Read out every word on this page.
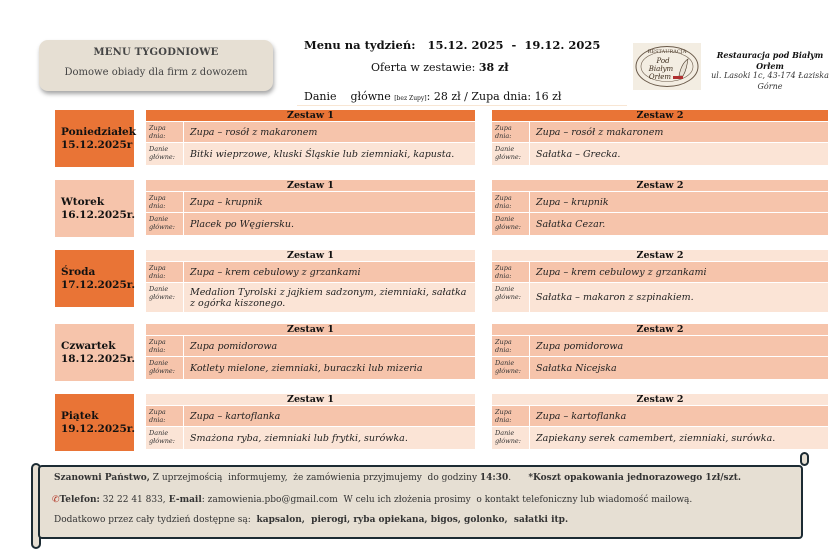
MENU TYGODNIOWE
Domowe obiady dla firm z dowozem
Menu na tydzień: 15.12. 2025 - 19.12. 2025
Oferta w zestawie: 38 zł
Danie    główne [bez Zupy]: 28 zł / Zupa dnia: 16 zł
RESTAURACJA
Pod
Białym
Orłem
Restauracja pod Białym Orłem
ul. Lasoki 1c, 43-174 Łaziska Górne
Poniedziałek
15.12.2025r
Zestaw 1
Zupa dnia:	Zupa – rosół z makaronem
Danie główne:	Bitki wieprzowe, kluski Śląskie lub ziemniaki, kapusta.
Zestaw 2
Zupa dnia:	Zupa – rosół z makaronem
Danie główne:	Sałatka – Grecka.
Wtorek
16.12.2025r.
Zestaw 1
Zupa dnia:	Zupa – krupnik
Danie główne:	Placek po Węgiersku.
Zestaw 2
Zupa dnia:	Zupa – krupnik
Danie główne:	Sałatka Cezar.
Środa
17.12.2025r.
Zestaw 1
Zupa dnia:	Zupa – krem cebulowy z grzankami
Danie główne:	Medalion Tyrolski z jajkiem sadzonym, ziemniaki, sałatka z ogórka kiszonego.
Zestaw 2
Zupa dnia:	Zupa – krem cebulowy z grzankami
Danie główne:	Sałatka – makaron z szpinakiem.
Czwartek
18.12.2025r.
Zestaw 1
Zupa dnia:	Zupa pomidorowa
Danie główne:	Kotlety mielone, ziemniaki, buraczki lub mizeria
Zestaw 2
Zupa dnia:	Zupa pomidorowa
Danie główne:	Sałatka Nicejska
Piątek
19.12.2025r.
Zestaw 1
Zupa dnia:	Zupa – kartoflanka
Danie główne:	Smażona ryba, ziemniaki lub frytki, surówka.
Zestaw 2
Zupa dnia:	Zupa – kartoflanka
Danie główne:	Zapiekany serek camembert, ziemniaki, surówka.
Szanowni Państwo, Z uprzejmością  informujemy,  że zamówienia przyjmujemy  do godziny 14:30. *Koszt opakowania jednorazowego 1zł/szt.
✆Telefon: 32 22 41 833, E-mail: zamowienia.pbo@gmail.com  W celu ich złożenia prosimy  o kontakt telefoniczny lub wiadomość mailową.
Dodatkowo przez cały tydzień dostępne są:  kapsalon,  pierogi, ryba opiekana, bigos, golonko,  sałatki itp.
